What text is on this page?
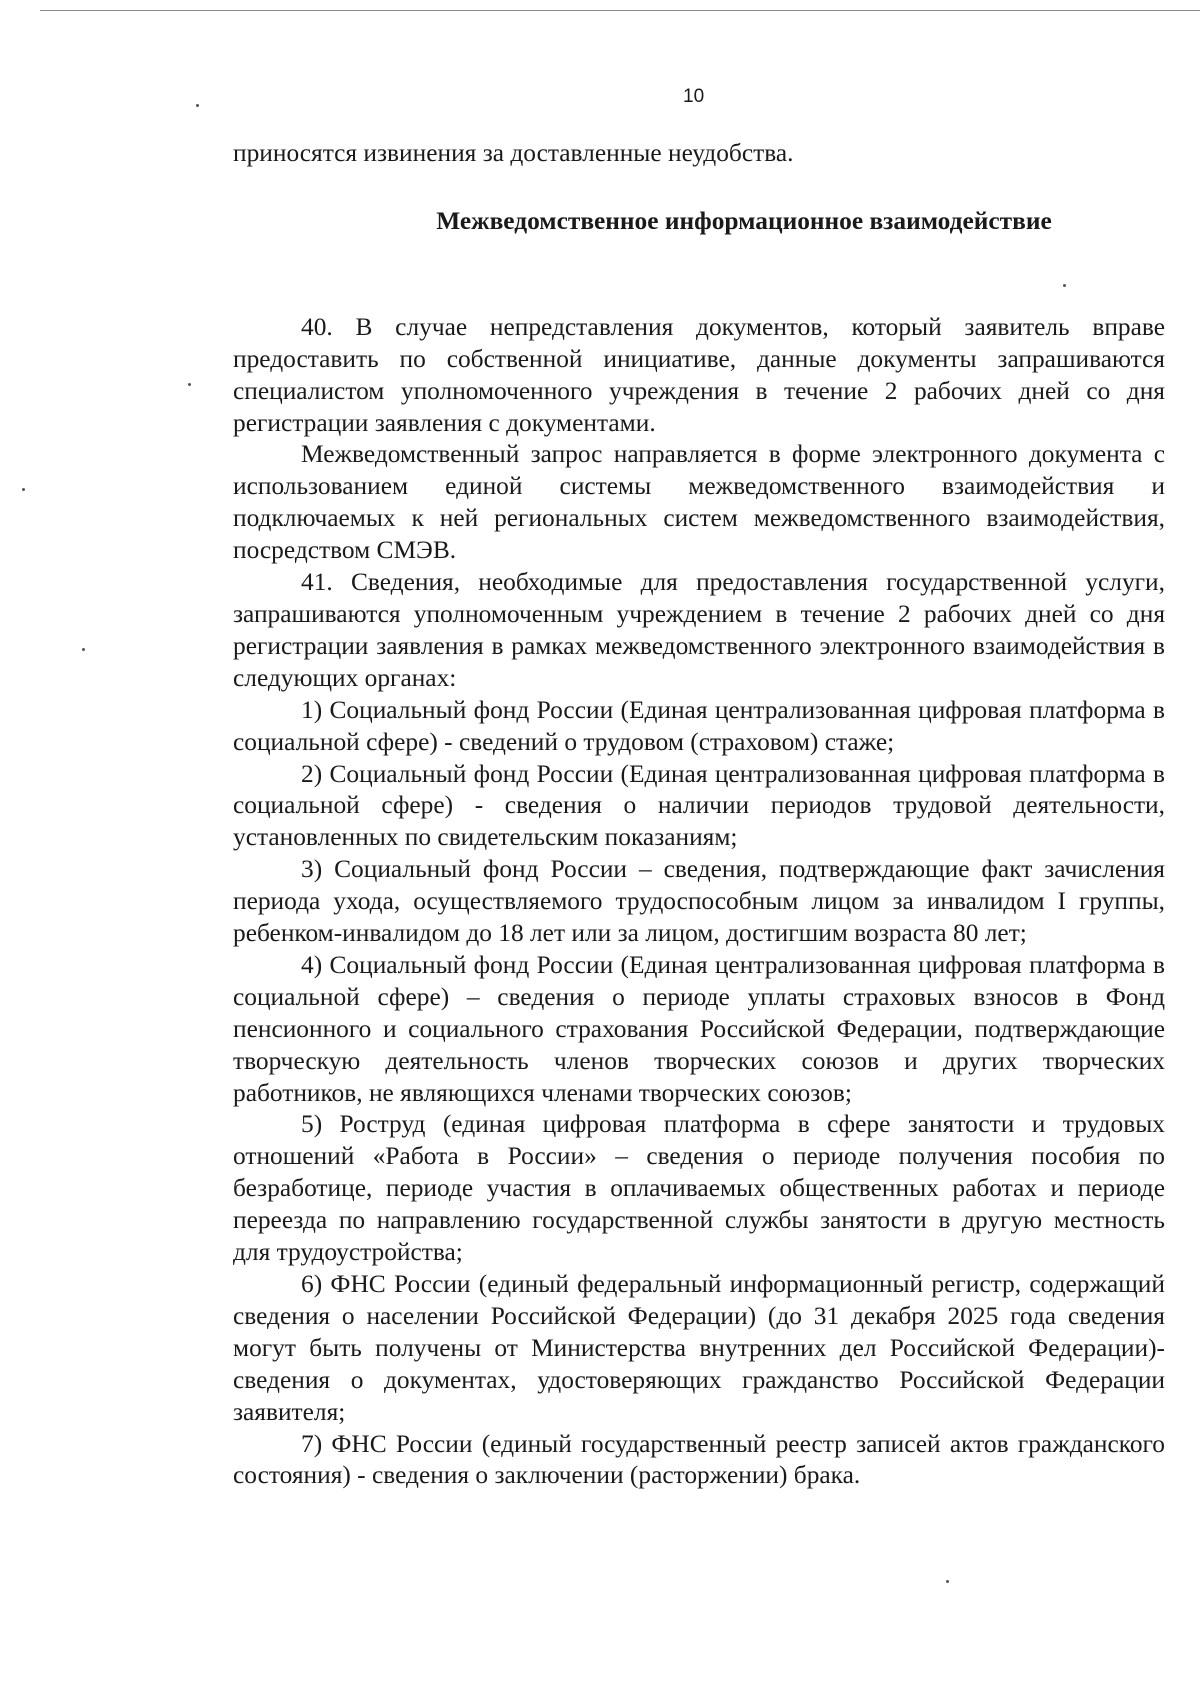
10

приносятся извинения за доставленные неудобства.

Межведомственное информационное взаимодействие

40. В случае непредставления документов, который заявитель вправе предоставить по собственной инициативе, данные документы запрашиваются специалистом уполномоченного учреждения в течение 2 рабочих дней со дня регистрации заявления с документами.

Межведомственный запрос направляется в форме электронного документа с использованием единой системы межведомственного взаимодействия и подключаемых к ней региональных систем межведомственного взаимодействия, посредством СМЭВ.

41. Сведения, необходимые для предоставления государственной услуги, запрашиваются уполномоченным учреждением в течение 2 рабочих дней со дня регистрации заявления в рамках межведомственного электронного взаимодействия в следующих органах:

1) Социальный фонд России (Единая централизованная цифровая платформа в социальной сфере) - сведений о трудовом (страховом) стаже;

2) Социальный фонд России (Единая централизованная цифровая платформа в социальной сфере) - сведения о наличии периодов трудовой деятельности, установленных по свидетельским показаниям;

3) Социальный фонд России – сведения, подтверждающие факт зачисления периода ухода, осуществляемого трудоспособным лицом за инвалидом I группы, ребенком-инвалидом до 18 лет или за лицом, достигшим возраста 80 лет;

4) Социальный фонд России (Единая централизованная цифровая платформа в социальной сфере) – сведения о периоде уплаты страховых взносов в Фонд пенсионного и социального страхования Российской Федерации, подтверждающие творческую деятельность членов творческих союзов и других творческих работников, не являющихся членами творческих союзов;

5) Роструд (единая цифровая платформа в сфере занятости и трудовых отношений «Работа в России» – сведения о периоде получения пособия по безработице, периоде участия в оплачиваемых общественных работах и периоде переезда по направлению государственной службы занятости в другую местность для трудоустройства;

6) ФНС России (единый федеральный информационный регистр, содержащий сведения о населении Российской Федерации) (до 31 декабря 2025 года сведения могут быть получены от Министерства внутренних дел Российской Федерации)- сведения о документах, удостоверяющих гражданство Российской Федерации заявителя;

7) ФНС России (единый государственный реестр записей актов гражданского состояния) - сведения о заключении (расторжении) брака.
